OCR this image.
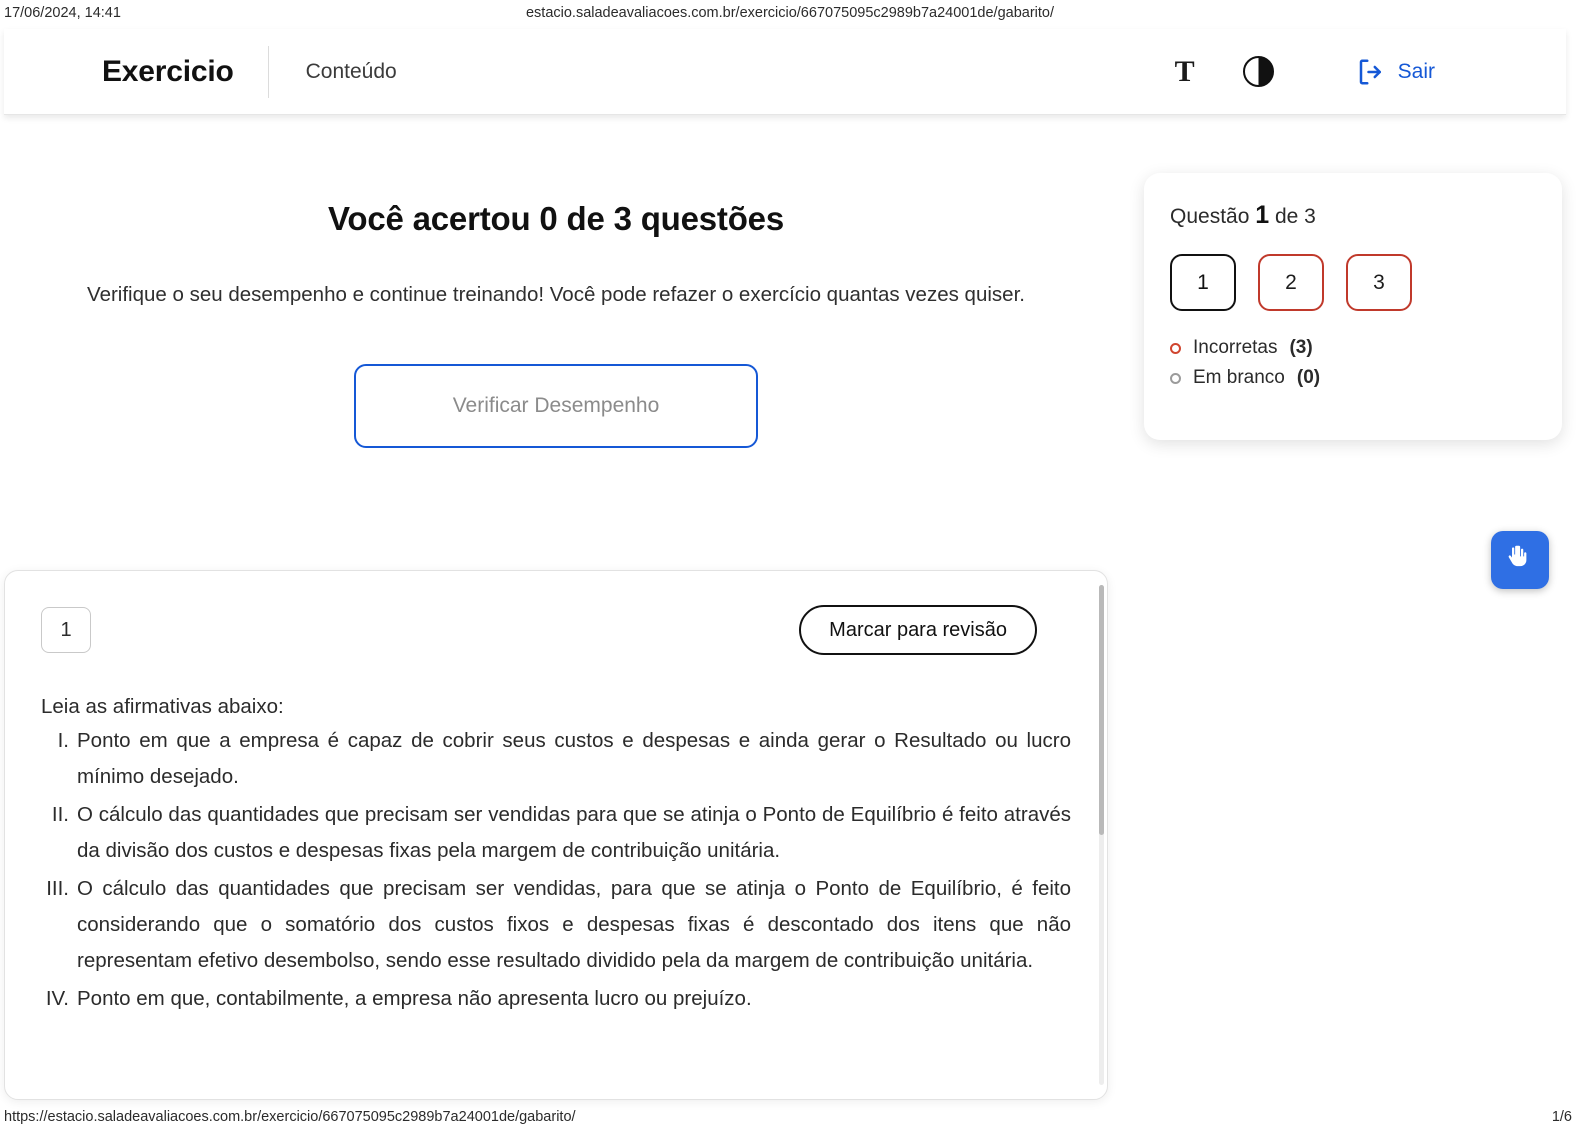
17/06/2024, 14:41	estacio.saladeavaliacoes.com.br/exercicio/667075095c2989b7a24001de/gabarito/
Exercicio	Conteúdo	T	Sair
Você acertou 0 de 3 questões

Verifique o seu desempenho e continue treinando! Você pode refazer o exercício quantas vezes quiser.

Verificar Desempenho
Questão 1 de 3
1	2	3
Incorretas (3)
Em branco (0)
1	Marcar para revisão
Leia as afirmativas abaixo:
I. Ponto em que a empresa é capaz de cobrir seus custos e despesas e ainda gerar o Resultado ou lucro mínimo desejado.
II. O cálculo das quantidades que precisam ser vendidas para que se atinja o Ponto de Equilíbrio é feito através da divisão dos custos e despesas fixas pela margem de contribuição unitária.
III. O cálculo das quantidades que precisam ser vendidas, para que se atinja o Ponto de Equilíbrio, é feito considerando que o somatório dos custos fixos e despesas fixas é descontado dos itens que não representam efetivo desembolso, sendo esse resultado dividido pela da margem de contribuição unitária.
IV. Ponto em que, contabilmente, a empresa não apresenta lucro ou prejuízo.
https://estacio.saladeavaliacoes.com.br/exercicio/667075095c2989b7a24001de/gabarito/	1/6
